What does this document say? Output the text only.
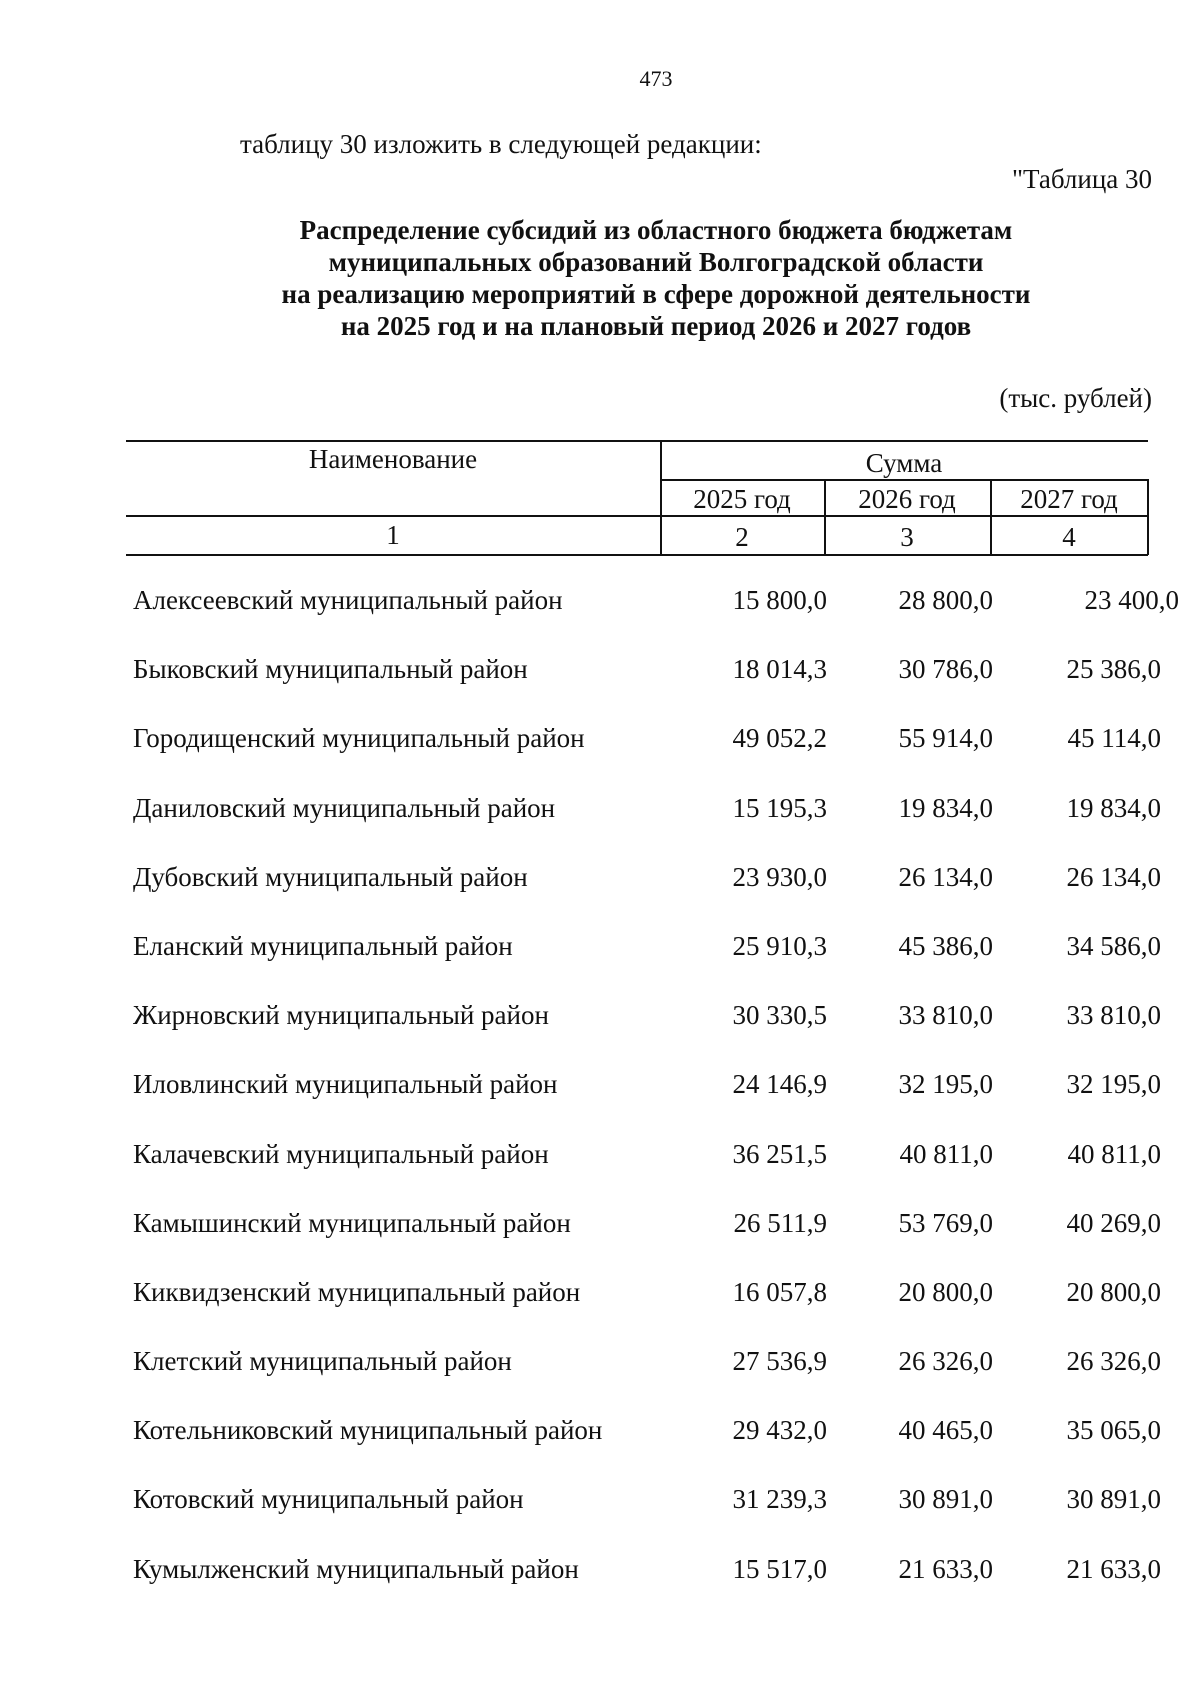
473
таблицу 30 изложить в следующей редакции:
"Таблица 30
Распределение субсидий из областного бюджета бюджетам
муниципальных образований Волгоградской области
на реализацию мероприятий в сфере дорожной деятельности
на 2025 год и на плановый период 2026 и 2027 годов
(тыс. рублей)
Наименование	Сумма
2025 год	2026 год	2027 год
1	2	3	4
Алексеевский муниципальный район	15 800,0	28 800,0	23 400,0
Быковский муниципальный район	18 014,3	30 786,0	25 386,0
Городищенский муниципальный район	49 052,2	55 914,0	45 114,0
Даниловский муниципальный район	15 195,3	19 834,0	19 834,0
Дубовский муниципальный район	23 930,0	26 134,0	26 134,0
Еланский муниципальный район	25 910,3	45 386,0	34 586,0
Жирновский муниципальный район	30 330,5	33 810,0	33 810,0
Иловлинский муниципальный район	24 146,9	32 195,0	32 195,0
Калачевский муниципальный район	36 251,5	40 811,0	40 811,0
Камышинский муниципальный район	26 511,9	53 769,0	40 269,0
Киквидзенский муниципальный район	16 057,8	20 800,0	20 800,0
Клетский муниципальный район	27 536,9	26 326,0	26 326,0
Котельниковский муниципальный район	29 432,0	40 465,0	35 065,0
Котовский муниципальный район	31 239,3	30 891,0	30 891,0
Кумылженский муниципальный район	15 517,0	21 633,0	21 633,0
